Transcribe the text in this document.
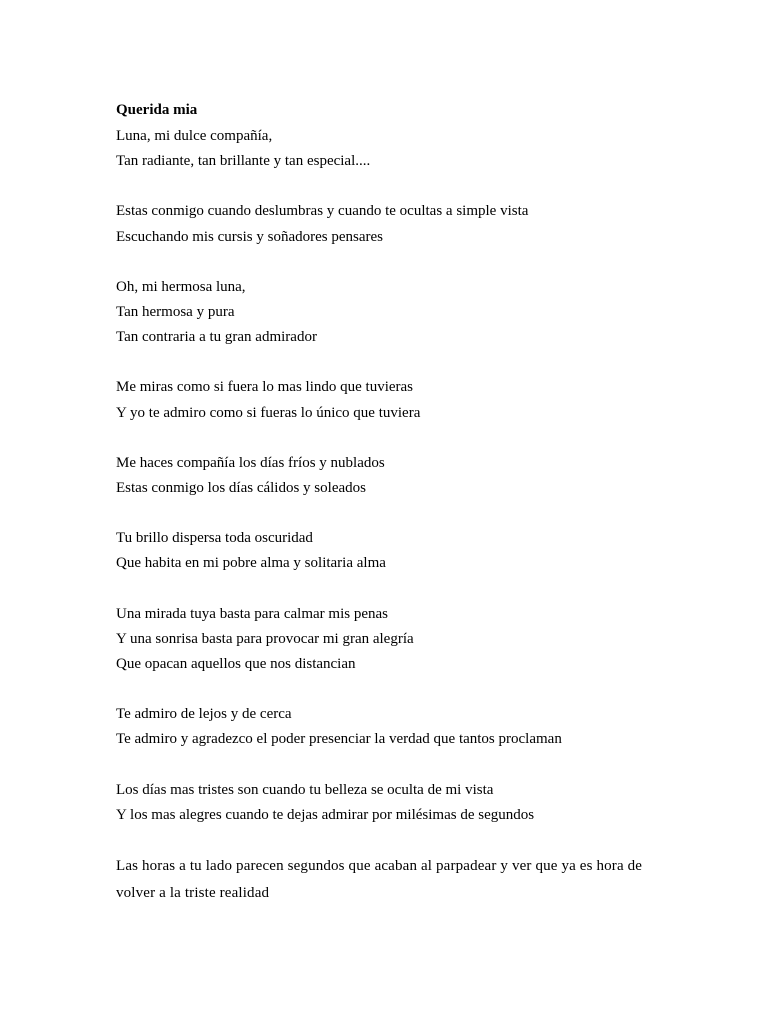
Querida mia
Luna, mi dulce compañía,
Tan radiante, tan brillante y tan especial....
Estas conmigo cuando deslumbras y cuando te ocultas a simple vista
Escuchando mis cursis y soñadores pensares
Oh, mi hermosa luna,
Tan hermosa y pura
Tan contraria a tu gran admirador
Me miras como si fuera lo mas lindo que tuvieras
Y yo te admiro como si fueras lo único que tuviera
Me haces compañía los días fríos y nublados
Estas conmigo los días cálidos y soleados
Tu brillo dispersa toda oscuridad
Que habita en mi pobre alma y solitaria alma
Una mirada tuya basta para calmar mis penas
Y una sonrisa basta para provocar mi gran alegría
Que opacan aquellos que nos distancian
Te admiro de lejos y de cerca
Te admiro y agradezco el poder presenciar la verdad que tantos proclaman
Los días mas tristes son cuando tu belleza se oculta de mi vista
Y los mas alegres cuando te dejas admirar por milésimas de segundos
Las horas a tu lado parecen segundos que acaban al parpadear y ver que ya es hora de volver a la triste realidad
